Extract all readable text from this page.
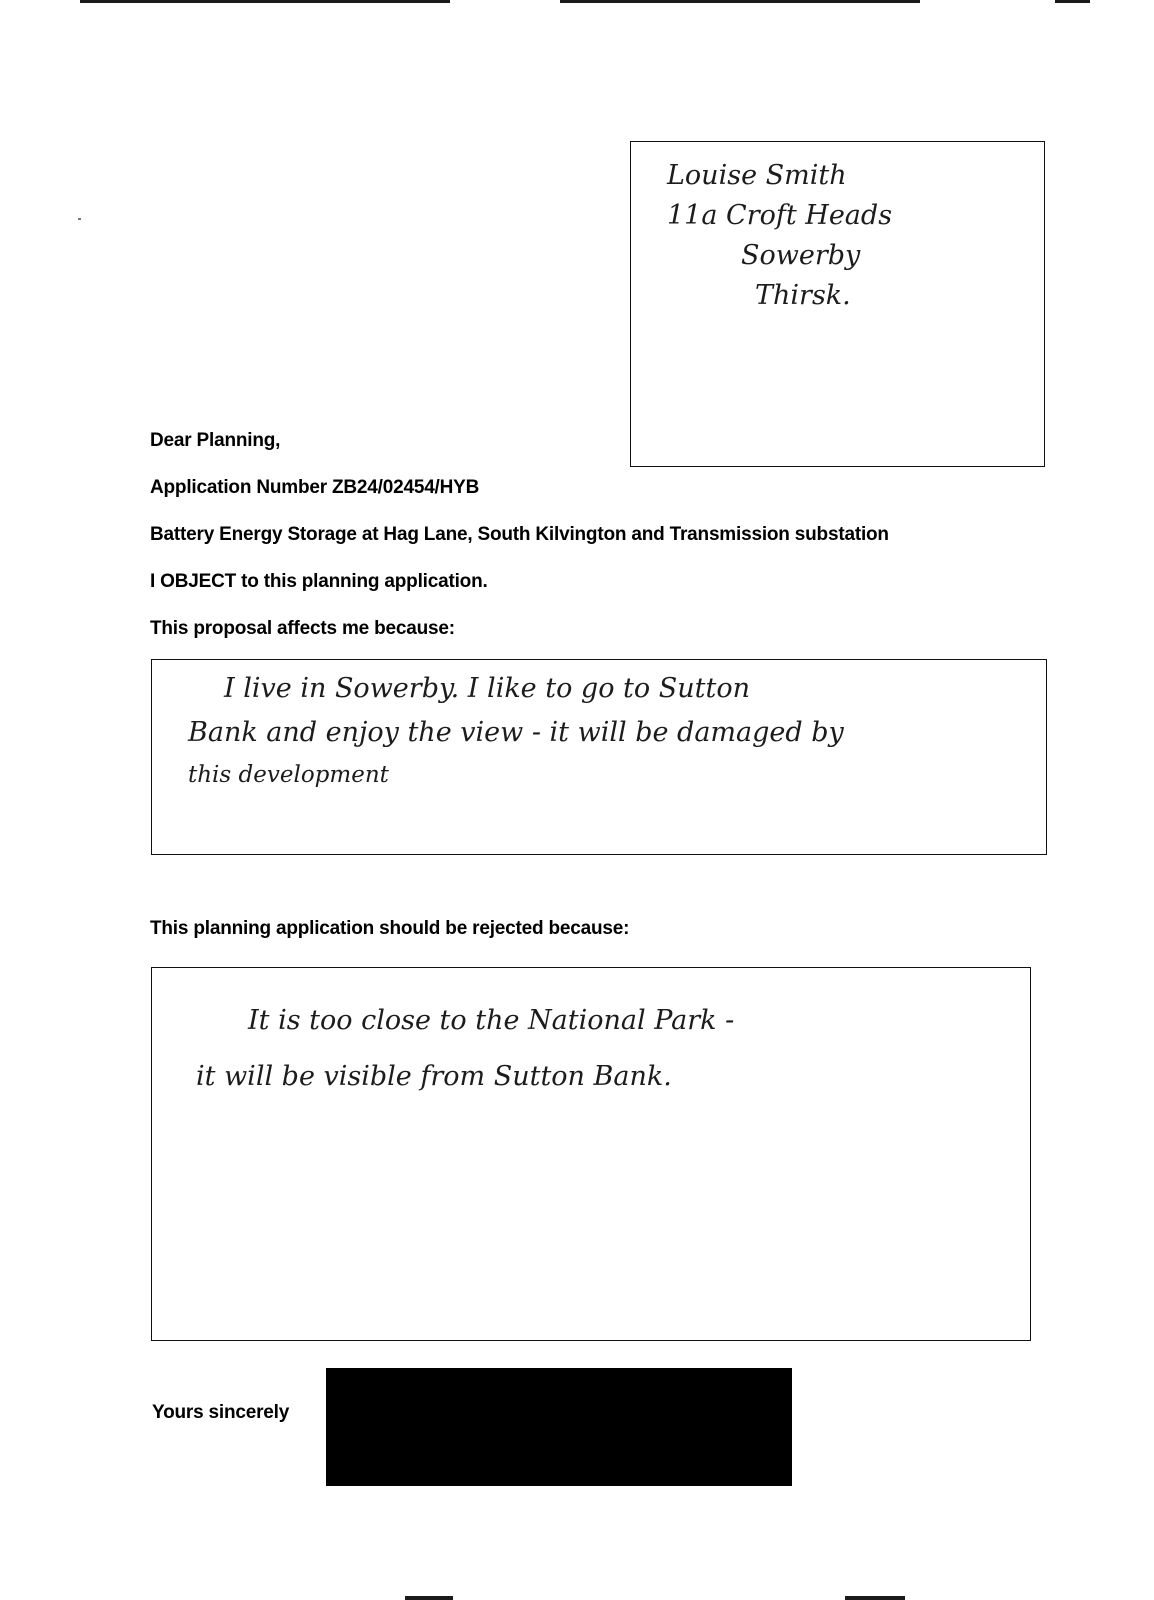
Louise Smith
11a Croft Heads
Sowerby
Thirsk.
Dear Planning,
Application Number ZB24/02454/HYB
Battery Energy Storage at Hag Lane, South Kilvington and Transmission substation
I OBJECT to this planning application.
This proposal affects me because:
I live in Sowerby. I like to go to Sutton
Bank and enjoy the view - it will be damaged by
this development
This planning application should be rejected because:
It is too close to the National Park -
it will be visible from Sutton Bank.
Yours sincerely
